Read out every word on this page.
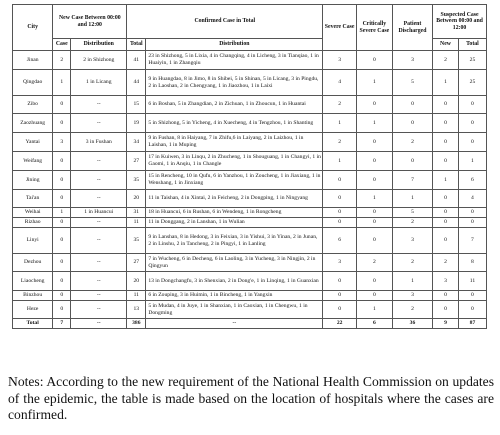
City	New Case Between 00:00 and 12:00		Confirmed Case in Total		Severe Case	Critically Severe Case	Patient Discharged	Suspected Case Between 00:00 and 12:00	
	Case	Distribution	Total	Distribution				New	Total
Jinan	2	2 in Shizhong	41	23 in Shizhong, 5 in Lixia, 4 in Changqing, 4 in Licheng, 3 in Tianqiao, 1 in Huaiyin, 1 in Zhangqiu	3	0	3	2	25
Qingdao	1	1 in Licang	44	9 in Huangdao, 8 in Jimo, 8 in Shibei, 5 in Shinan, 5 in Licang, 3 in Pingdu, 2 in Laoshan, 2 in Chengyang, 1 in Jiaozhou, 1 in Laixi	4	1	5	1	25
Zibo	0	--	15	6 in Boshan, 5 in Zhangdian, 2 in Zichuan, 1 in Zhoucun, 1 in Huantai	2	0	0	0	0
Zaozhuang	0	--	19	5 in Shizhong, 5 in Yicheng, 4 in Xuecheng, 4 in Tengzhou, 1 in Shanting	1	1	0	0	0
Yantai	3	3 in Fushan	34	9 in Fushan, 8 in Haiyang, 7 in Zhifu,6 in Laiyang, 2 in Laizhou, 1 in Laishan, 1 in Muping	2	0	2	0	0
Weifang	0	--	27	17 in Kuiwen, 3 in Linqu, 2 in Zhucheng, 1 in Shouguang, 1 in Changyi, 1 in Gaomi, 1 in Anqiu, 1 in Changle	1	0	0	0	1
Jining	0	--	35	15 in Rencheng, 10 in Qufu, 6 in Yanzhou, 1 in Zoucheng, 1 in Jiaxiang, 1 in Wenshang, 1 in Jinxiang	0	0	7	1	6
Tai'an	0	--	20	11 in Taishan, 4 in Xintai, 2 in Feicheng, 2 in Dongping, 1 in Ningyang	0	1	1	0	4
Weihai	1	1 in Huancui	31	18 in Huancui, 6 in Rushan, 6 in Wendeng, 1 in Rongcheng	0	0	5	0	0
Rizhao	0	--	11	11 in Donggang, 2 in Lanshan, 1 in Wulian	0	0	2	0	0
Linyi	0	--	35	9 in Lanshan, 8 in Hedong, 3 in Feixian, 3 in Yishui, 3 in Yinan, 2 in Junan, 2 in Linshu, 2 in Tancheng, 2 in Pingyi, 1 in Lanling	6	0	3	0	7
Dezhou	0	--	27	7 in Wucheng, 6 in Decheng, 6 in Laoling, 3 in Yucheng, 3 in Ningjin, 2 in Qingyun	3	2	2	2	8
Liaocheng	0	--	20	13 in Dongchangfu, 3 in Shenxian, 2 in Dong'e, 1 in Linqing, 1 in Guanxian	0	0	1	3	11
Binzhou	0	--	11	6 in Zouping, 3 in Huimin, 1 in Bincheng, 1 in Yangxin	0	0	3	0	0
Heze	0	--	13	5 in Mudan, 4 in Juye, 1 in Shanxian, 1 in Caoxian, 1 in Chengwu, 1 in Dongming	0	1	2	0	0
Total	7	--	386	--	22	6	36	9	87
Notes: According to the new requirement of the National Health Commission on updates of the epidemic, the table is made based on the location of hospitals where the cases are confirmed.
